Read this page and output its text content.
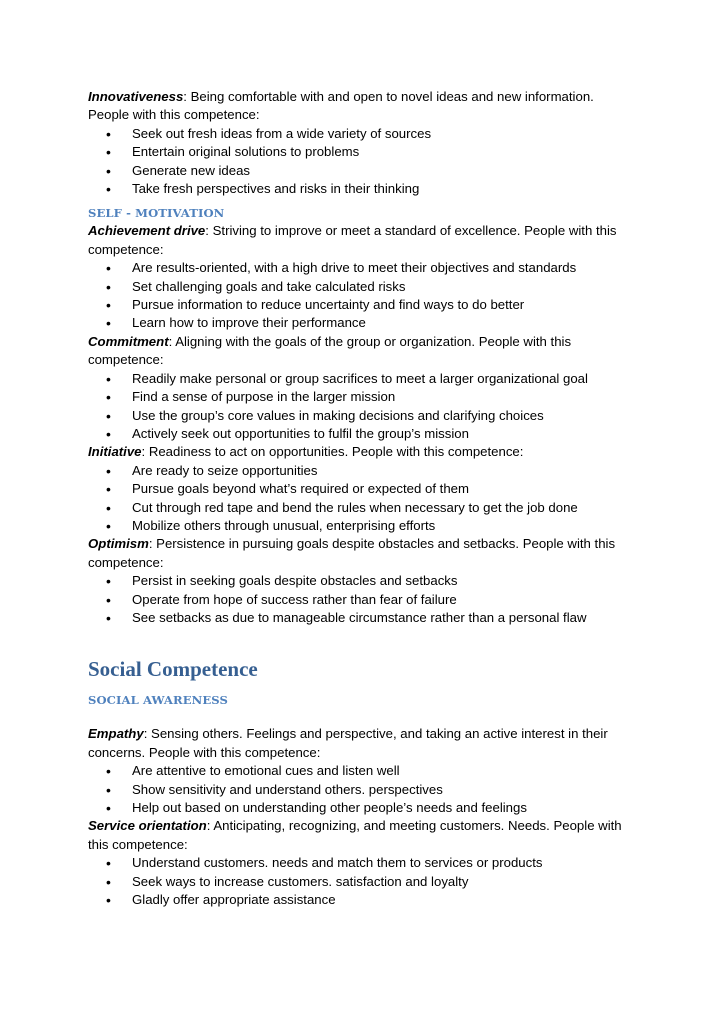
Innovativeness: Being comfortable with and open to novel ideas and new information. People with this competence:
• Seek out fresh ideas from a wide variety of sources
• Entertain original solutions to problems
• Generate new ideas
• Take fresh perspectives and risks in their thinking
SELF - MOTIVATION
Achievement drive: Striving to improve or meet a standard of excellence. People with this competence:
• Are results-oriented, with a high drive to meet their objectives and standards
• Set challenging goals and take calculated risks
• Pursue information to reduce uncertainty and find ways to do better
• Learn how to improve their performance
Commitment: Aligning with the goals of the group or organization. People with this competence:
• Readily make personal or group sacrifices to meet a larger organizational goal
• Find a sense of purpose in the larger mission
• Use the group’s core values in making decisions and clarifying choices
• Actively seek out opportunities to fulfil the group’s mission
Initiative: Readiness to act on opportunities. People with this competence:
• Are ready to seize opportunities
• Pursue goals beyond what’s required or expected of them
• Cut through red tape and bend the rules when necessary to get the job done
• Mobilize others through unusual, enterprising efforts
Optimism: Persistence in pursuing goals despite obstacles and setbacks. People with this competence:
• Persist in seeking goals despite obstacles and setbacks
• Operate from hope of success rather than fear of failure
• See setbacks as due to manageable circumstance rather than a personal flaw
Social Competence
SOCIAL AWARENESS
Empathy: Sensing others. Feelings and perspective, and taking an active interest in their concerns. People with this competence:
• Are attentive to emotional cues and listen well
• Show sensitivity and understand others. perspectives
• Help out based on understanding other people’s needs and feelings
Service orientation: Anticipating, recognizing, and meeting customers. Needs. People with this competence:
• Understand customers. needs and match them to services or products
• Seek ways to increase customers. satisfaction and loyalty
• Gladly offer appropriate assistance
